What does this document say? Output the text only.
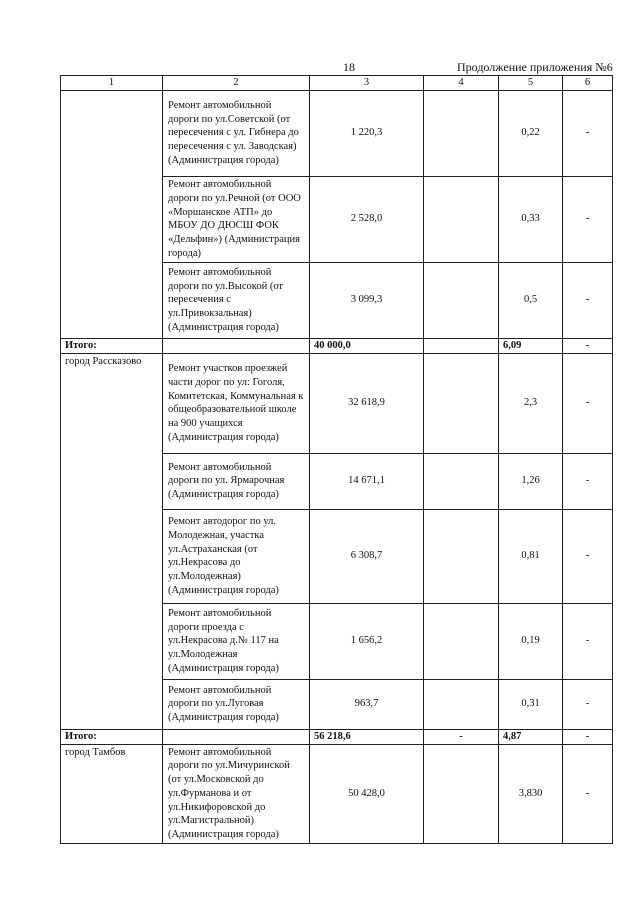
18	Продолжение приложения №6
1	2	3	4	5	6
	Ремонт автомобильной дороги по ул.Советской (от пересечения с ул. Гибнера до пересечения с ул. Заводская) (Администрация города)	1 220,3		0,22	-
	Ремонт автомобильной дороги по ул.Речной (от ООО «Моршанское АТП» до МБОУ ДО ДЮСШ ФОК «Дельфин») (Администрация города)	2 528,0		0,33	-
	Ремонт автомобильной дороги по ул.Высокой (от пересечения с ул.Привокзальная) (Администрация города)	3 099,3		0,5	-
Итого:		40 000,0		6,09	-
город Рассказово	Ремонт участков проезжей части дорог по ул: Гоголя, Комитетская, Коммунальная к общеобразовательной школе на 900 учащихся (Администрация города)	32 618,9		2,3	-
	Ремонт автомобильной дороги по ул. Ярмарочная (Администрация города)	14 671,1		1,26	-
	Ремонт автодорог по ул. Молодежная, участка ул.Астраханская (от ул.Некрасова до ул.Молодежная) (Администрация города)	6 308,7		0,81	-
	Ремонт автомобильной дороги проезда с ул.Некрасова д.№ 117 на ул.Молодежная (Администрация города)	1 656,2		0,19	-
	Ремонт автомобильной дороги по ул.Луговая (Администрация города)	963,7		0,31	-
Итого:		56 218,6	-	4,87	-
город Тамбов	Ремонт автомобильной дороги по ул.Мичуринской (от ул.Московской до ул.Фурманова и от ул.Никифоровской до ул.Магистральной) (Администрация города)	50 428,0		3,830	-
